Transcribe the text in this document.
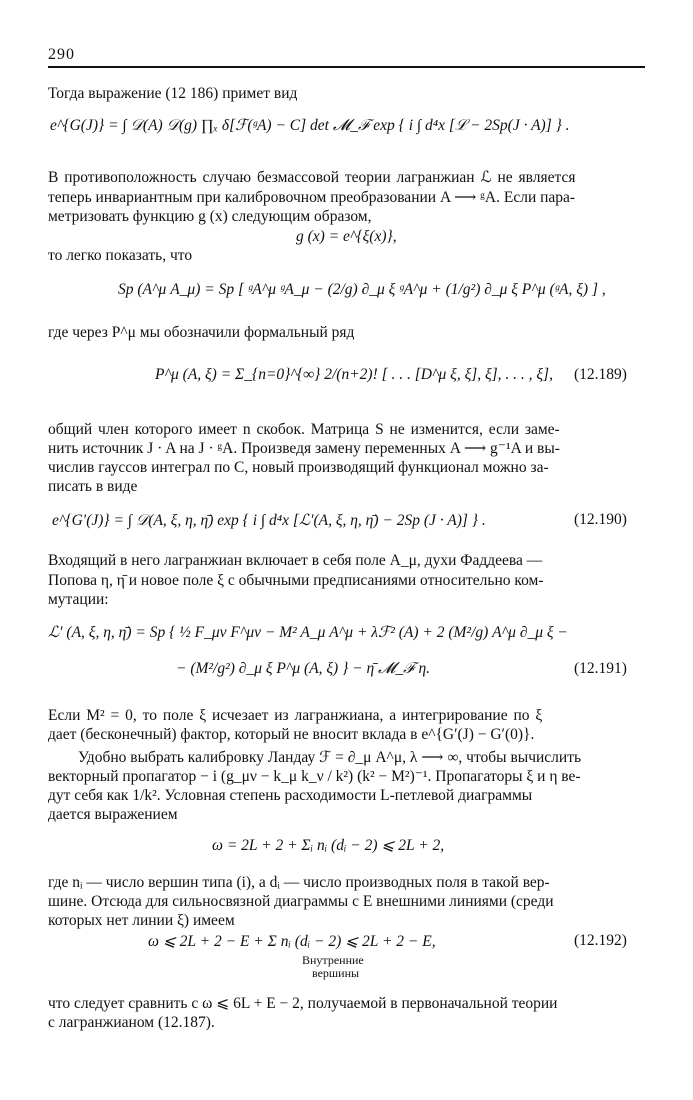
290
Тогда выражение (12 186) примет вид
e^{G(J)} = ∫ 𝒟(A) 𝒟(g) ∏ₓ δ[ℱ(ᵍA) − C] det 𝓜_ℱ exp { i ∫ d⁴x [ℒ − 2Sp(J · A)] } .
В противоположность случаю безмассовой теории лагранжиан ℒ не является
теперь инвариантным при калибровочном преобразовании A ⟶ ᵍA. Если пара-
метризовать функцию g (x) следующим образом,
g (x) = e^{ξ(x)},
то легко показать, что
Sp (A^μ A_μ) = Sp [ ᵍA^μ ᵍA_μ − (2/g) ∂_μ ξ ᵍA^μ + (1/g²) ∂_μ ξ P^μ (ᵍA, ξ) ] ,
где через P^μ мы обозначили формальный ряд
P^μ (A, ξ) = Σ_{n=0}^{∞} 2/(n+2)! [ . . . [D^μ ξ, ξ], ξ], . . . , ξ], (12.189)
общий член которого имеет n скобок. Матрица S не изменится, если заме-
нить источник J · A на J · ᵍA. Произведя замену переменных A ⟶ g⁻¹A и вы-
числив гауссов интеграл по C, новый производящий функционал можно за-
писать в виде
e^{G′(J)} = ∫ 𝒟(A, ξ, η, η̄) exp { i ∫ d⁴x [ℒ′(A, ξ, η, η̄) − 2Sp (J · A)] } .	(12.190)
Входящий в него лагранжиан включает в себя поле A_μ, духи Фаддеева —
Попова η, η̄ и новое поле ξ с обычными предписаниями относительно ком-
мутации:
ℒ′ (A, ξ, η, η̄) = Sp { ½ F_μν F^μν − M² A_μ A^μ + λℱ² (A) + 2 (M²/g) A^μ ∂_μ ξ −
− (M²/g²) ∂_μ ξ P^μ (A, ξ) } − η̄ 𝓜_ℱ η.	(12.191)
Если M² = 0, то поле ξ исчезает из лагранжиана, а интегрирование по ξ
дает (бесконечный) фактор, который не вносит вклада в e^{G′(J) − G′(0)}.
Удобно выбрать калибровку Ландау ℱ = ∂_μ A^μ, λ ⟶ ∞, чтобы вычислить
векторный пропагатор − i (g_μν − k_μ k_ν / k²) (k² − M²)⁻¹. Пропагаторы ξ и η ве-
дут себя как 1/k². Условная степень расходимости L-петлевой диаграммы
дается выражением
ω = 2L + 2 + Σᵢ nᵢ (dᵢ − 2) ⩽ 2L + 2,
где nᵢ — число вершин типа (i), а dᵢ — число производных поля в такой вер-
шине. Отсюда для сильносвязной диаграммы с E внешними линиями (среди
которых нет линии ξ) имеем
ω ⩽ 2L + 2 − E + Σ nᵢ (dᵢ − 2) ⩽ 2L + 2 − E,
Внутренние
вершины
(12.192)
что следует сравнить с ω ⩽ 6L + E − 2, получаемой в первоначальной теории
с лагранжианом (12.187).
